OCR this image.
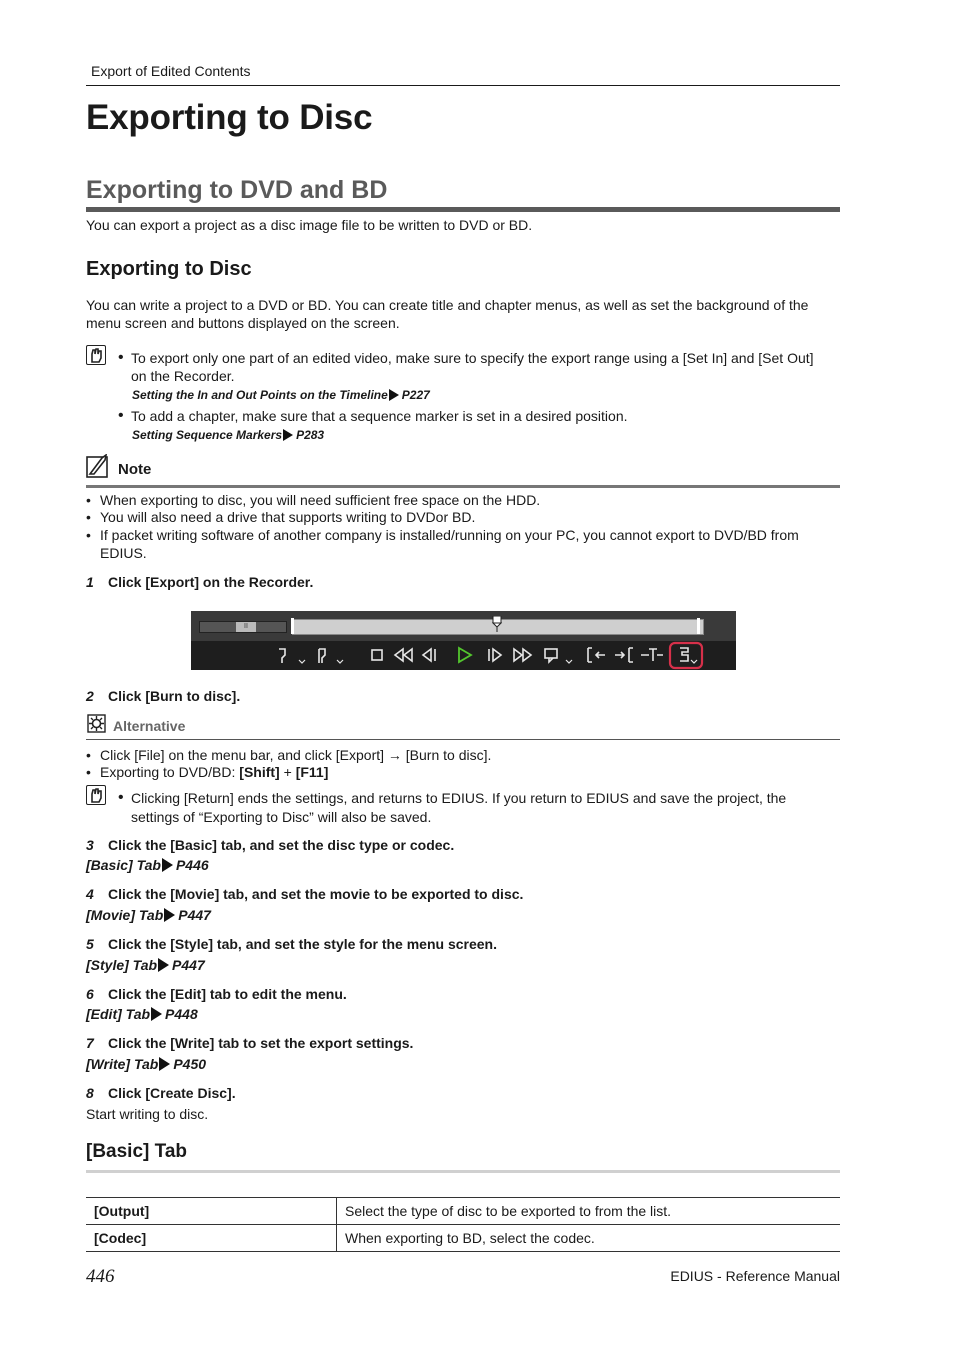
Export of Edited Contents
Exporting to Disc
Exporting to DVD and BD
You can export a project as a disc image file to be written to DVD or BD.
Exporting to Disc
You can write a project to a DVD or BD. You can create title and chapter menus, as well as set the background of the
menu screen and buttons displayed on the screen.
• To export only one part of an edited video, make sure to specify the export range using a [Set In] and [Set Out]
on the Recorder.
Setting the In and Out Points on the Timeline P227
• To add a chapter, make sure that a sequence marker is set in a desired position.
Setting Sequence Markers P283
Note
• When exporting to disc, you will need sufficient free space on the HDD.
• You will also need a drive that supports writing to DVDor BD.
• If packet writing software of another company is installed/running on your PC, you cannot export to DVD/BD from
EDIUS.
1 Click [Export] on the Recorder.
II
2 Click [Burn to disc].
Alternative
• Click [File] on the menu bar, and click [Export] → [Burn to disc].
• Exporting to DVD/BD: [Shift] + [F11]
• Clicking [Return] ends the settings, and returns to EDIUS. If you return to EDIUS and save the project, the
settings of “Exporting to Disc” will also be saved.
3 Click the [Basic] tab, and set the disc type or codec.
[Basic] Tab P446
4 Click the [Movie] tab, and set the movie to be exported to disc.
[Movie] Tab P447
5 Click the [Style] tab, and set the style for the menu screen.
[Style] Tab P447
6 Click the [Edit] tab to edit the menu.
[Edit] Tab P448
7 Click the [Write] tab to set the export settings.
[Write] Tab P450
8 Click [Create Disc].
Start writing to disc.
[Basic] Tab
[Output]	Select the type of disc to be exported to from the list.
[Codec]	When exporting to BD, select the codec.
446	EDIUS - Reference Manual
